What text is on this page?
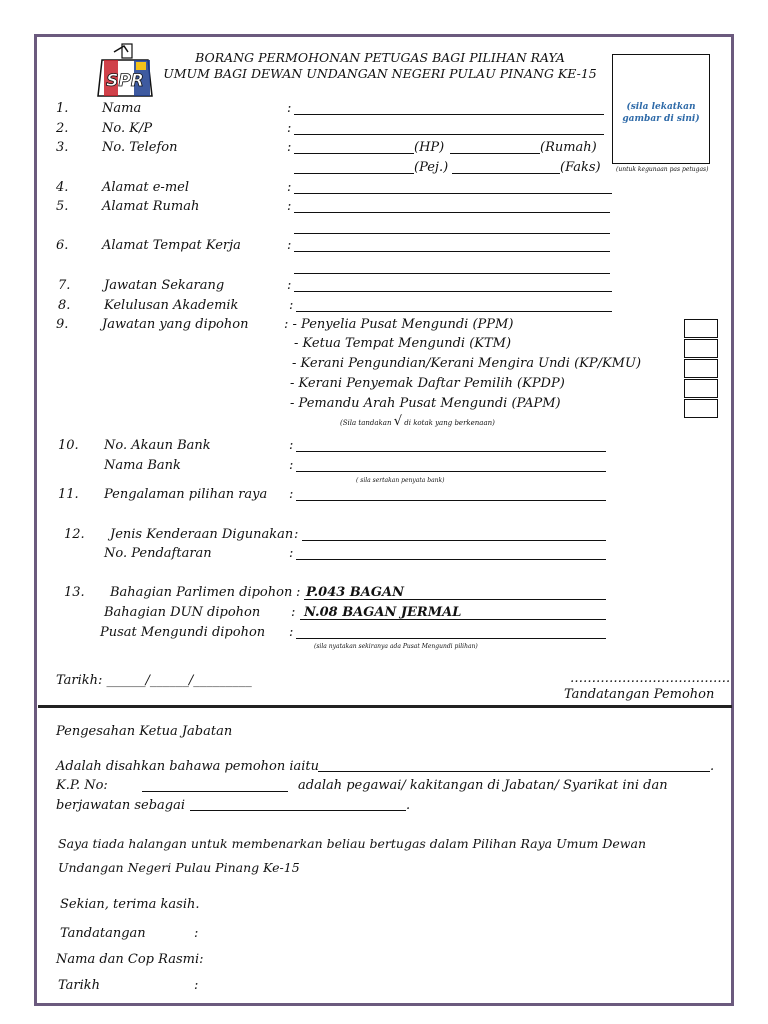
SPR
BORANG PERMOHONAN PETUGAS BAGI PILIHAN RAYA
UMUM BAGI DEWAN UNDANGAN NEGERI PULAU PINANG KE-15
(sila lekatkan gambar di sini)
(untuk kegunaan pas petugas)
1.	Nama	:
2.	No. K/P	:
3.	No. Telefon	:	(HP)	(Rumah)
(Pej.)	(Faks)
4.	Alamat e-mel	:
5.	Alamat Rumah	:
6.	Alamat Tempat Kerja	:
7.	Jawatan Sekarang	:
8.	Kelulusan Akademik	:
9.	Jawatan yang dipohon	: - Penyelia Pusat Mengundi (PPM)
- Ketua Tempat Mengundi (KTM)
- Kerani Pengundian/Kerani Mengira Undi (KP/KMU)
- Kerani Penyemak Daftar Pemilih (KPDP)
- Pemandu Arah Pusat Mengundi (PAPM)
(Sila tandakan √ di kotak yang berkenaan)
10. No. Akaun Bank	:
Nama Bank	:
( sila sertakan penyata bank)
11. Pengalaman pilihan raya :
12. Jenis Kenderaan Digunakan :
No. Pendaftaran	:
13. Bahagian Parlimen dipohon : P.043 BAGAN
Bahagian DUN dipohon : N.08 BAGAN JERMAL
Pusat Mengundi dipohon :
(sila nyatakan sekiranya ada Pusat Mengundi pilihan)
Tarikh: ______/______/_________	……………………………….
Tandatangan Pemohon
Pengesahan Ketua Jabatan
Adalah disahkan bahawa pemohon iaitu	.
K.P. No:	adalah pegawai/ kakitangan di Jabatan/ Syarikat ini dan
berjawatan sebagai	.
Saya tiada halangan untuk membenarkan beliau bertugas dalam Pilihan Raya Umum Dewan
Undangan Negeri Pulau Pinang Ke-15
Sekian, terima kasih.
Tandatangan	:
Nama dan Cop Rasmi:
Tarikh	:
